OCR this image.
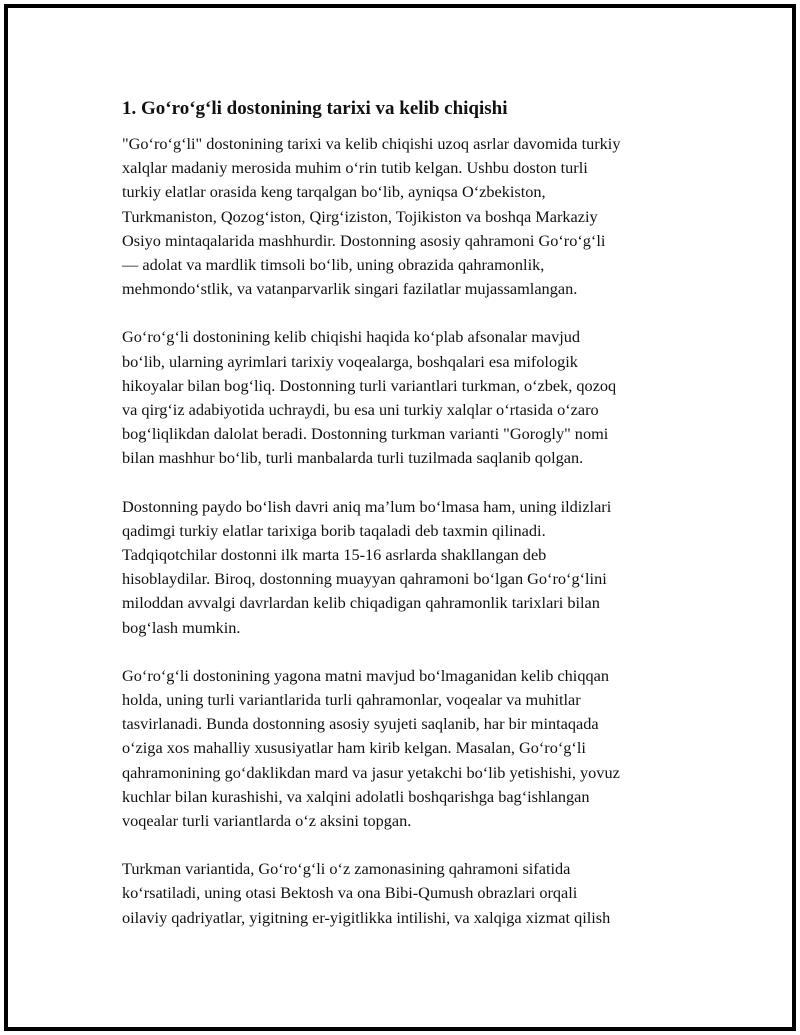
1. Go‘ro‘g‘li dostonining tarixi va kelib chiqishi

"Go‘ro‘g‘li" dostonining tarixi va kelib chiqishi uzoq asrlar davomida turkiy
xalqlar madaniy merosida muhim o‘rin tutib kelgan. Ushbu doston turli
turkiy elatlar orasida keng tarqalgan bo‘lib, ayniqsa O‘zbekiston,
Turkmaniston, Qozog‘iston, Qirg‘iziston, Tojikiston va boshqa Markaziy
Osiyo mintaqalarida mashhurdir. Dostonning asosiy qahramoni Go‘ro‘g‘li
— adolat va mardlik timsoli bo‘lib, uning obrazida qahramonlik,
mehmondo‘stlik, va vatanparvarlik singari fazilatlar mujassamlangan.

Go‘ro‘g‘li dostonining kelib chiqishi haqida ko‘plab afsonalar mavjud
bo‘lib, ularning ayrimlari tarixiy voqealarga, boshqalari esa mifologik
hikoyalar bilan bog‘liq. Dostonning turli variantlari turkman, o‘zbek, qozoq
va qirg‘iz adabiyotida uchraydi, bu esa uni turkiy xalqlar o‘rtasida o‘zaro
bog‘liqlikdan dalolat beradi. Dostonning turkman varianti "Gorogly" nomi
bilan mashhur bo‘lib, turli manbalarda turli tuzilmada saqlanib qolgan.

Dostonning paydo bo‘lish davri aniq ma’lum bo‘lmasa ham, uning ildizlari
qadimgi turkiy elatlar tarixiga borib taqaladi deb taxmin qilinadi.
Tadqiqotchilar dostonni ilk marta 15-16 asrlarda shakllangan deb
hisoblaydilar. Biroq, dostonning muayyan qahramoni bo‘lgan Go‘ro‘g‘lini
miloddan avvalgi davrlardan kelib chiqadigan qahramonlik tarixlari bilan
bog‘lash mumkin.

Go‘ro‘g‘li dostonining yagona matni mavjud bo‘lmaganidan kelib chiqqan
holda, uning turli variantlarida turli qahramonlar, voqealar va muhitlar
tasvirlanadi. Bunda dostonning asosiy syujeti saqlanib, har bir mintaqada
o‘ziga xos mahalliy xususiyatlar ham kirib kelgan. Masalan, Go‘ro‘g‘li
qahramonining go‘daklikdan mard va jasur yetakchi bo‘lib yetishishi, yovuz
kuchlar bilan kurashishi, va xalqini adolatli boshqarishga bag‘ishlangan
voqealar turli variantlarda o‘z aksini topgan.

Turkman variantida, Go‘ro‘g‘li o‘z zamonasining qahramoni sifatida
ko‘rsatiladi, uning otasi Bektosh va ona Bibi-Qumush obrazlari orqali
oilaviy qadriyatlar, yigitning er-yigitlikka intilishi, va xalqiga xizmat qilish
